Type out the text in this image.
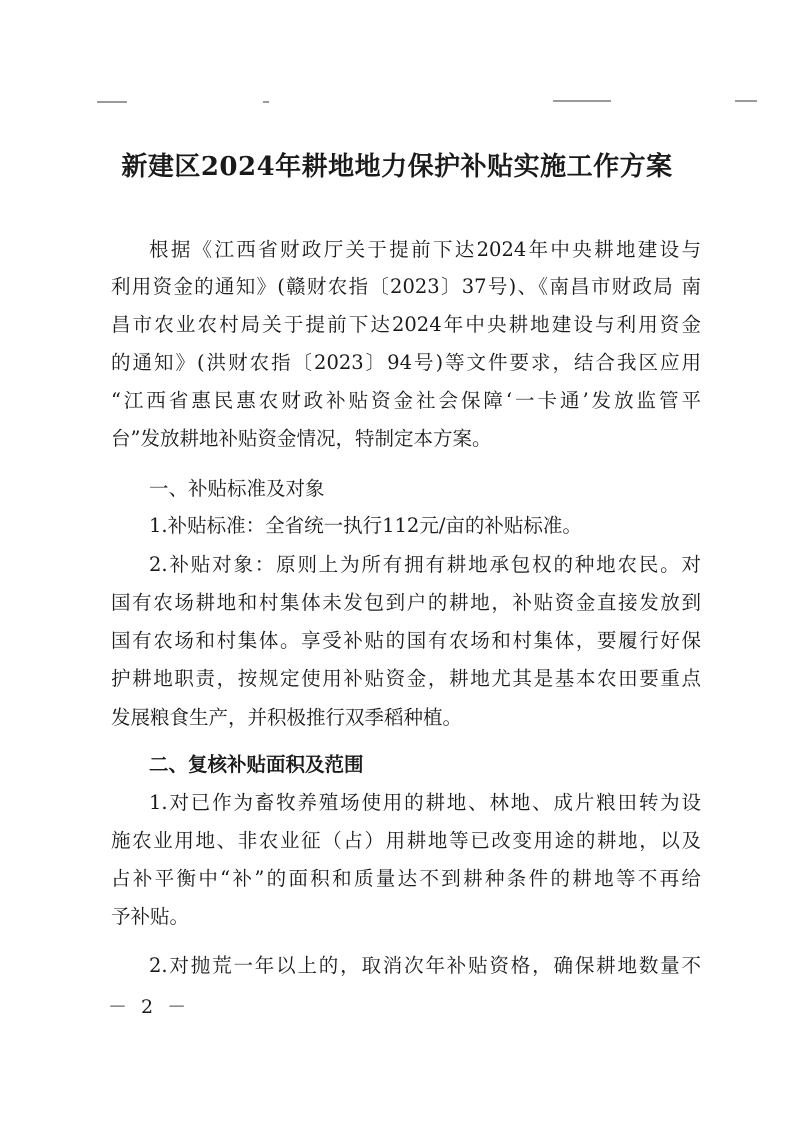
新建区2024年耕地地力保护补贴实施工作方案
根据《江西省财政厅关于提前下达2024年中央耕地建设与
利用资金的通知》(赣财农指〔2023〕37号)、《南昌市财政局 南
昌市农业农村局关于提前下达2024年中央耕地建设与利用资金
的通知》(洪财农指〔2023〕94号)等文件要求，结合我区应用
“江西省惠民惠农财政补贴资金社会保障‘一卡通’发放监管平
台”发放耕地补贴资金情况，特制定本方案。
一、补贴标准及对象
1.补贴标准：全省统一执行112元/亩的补贴标准。
2.补贴对象：原则上为所有拥有耕地承包权的种地农民。对
国有农场耕地和村集体未发包到户的耕地，补贴资金直接发放到
国有农场和村集体。享受补贴的国有农场和村集体，要履行好保
护耕地职责，按规定使用补贴资金，耕地尤其是基本农田要重点
发展粮食生产，并积极推行双季稻种植。
二、复核补贴面积及范围
1.对已作为畜牧养殖场使用的耕地、林地、成片粮田转为设
施农业用地、非农业征（占）用耕地等已改变用途的耕地，以及
占补平衡中“补”的面积和质量达不到耕种条件的耕地等不再给
予补贴。
2.对抛荒一年以上的，取消次年补贴资格，确保耕地数量不
－ 2 －
